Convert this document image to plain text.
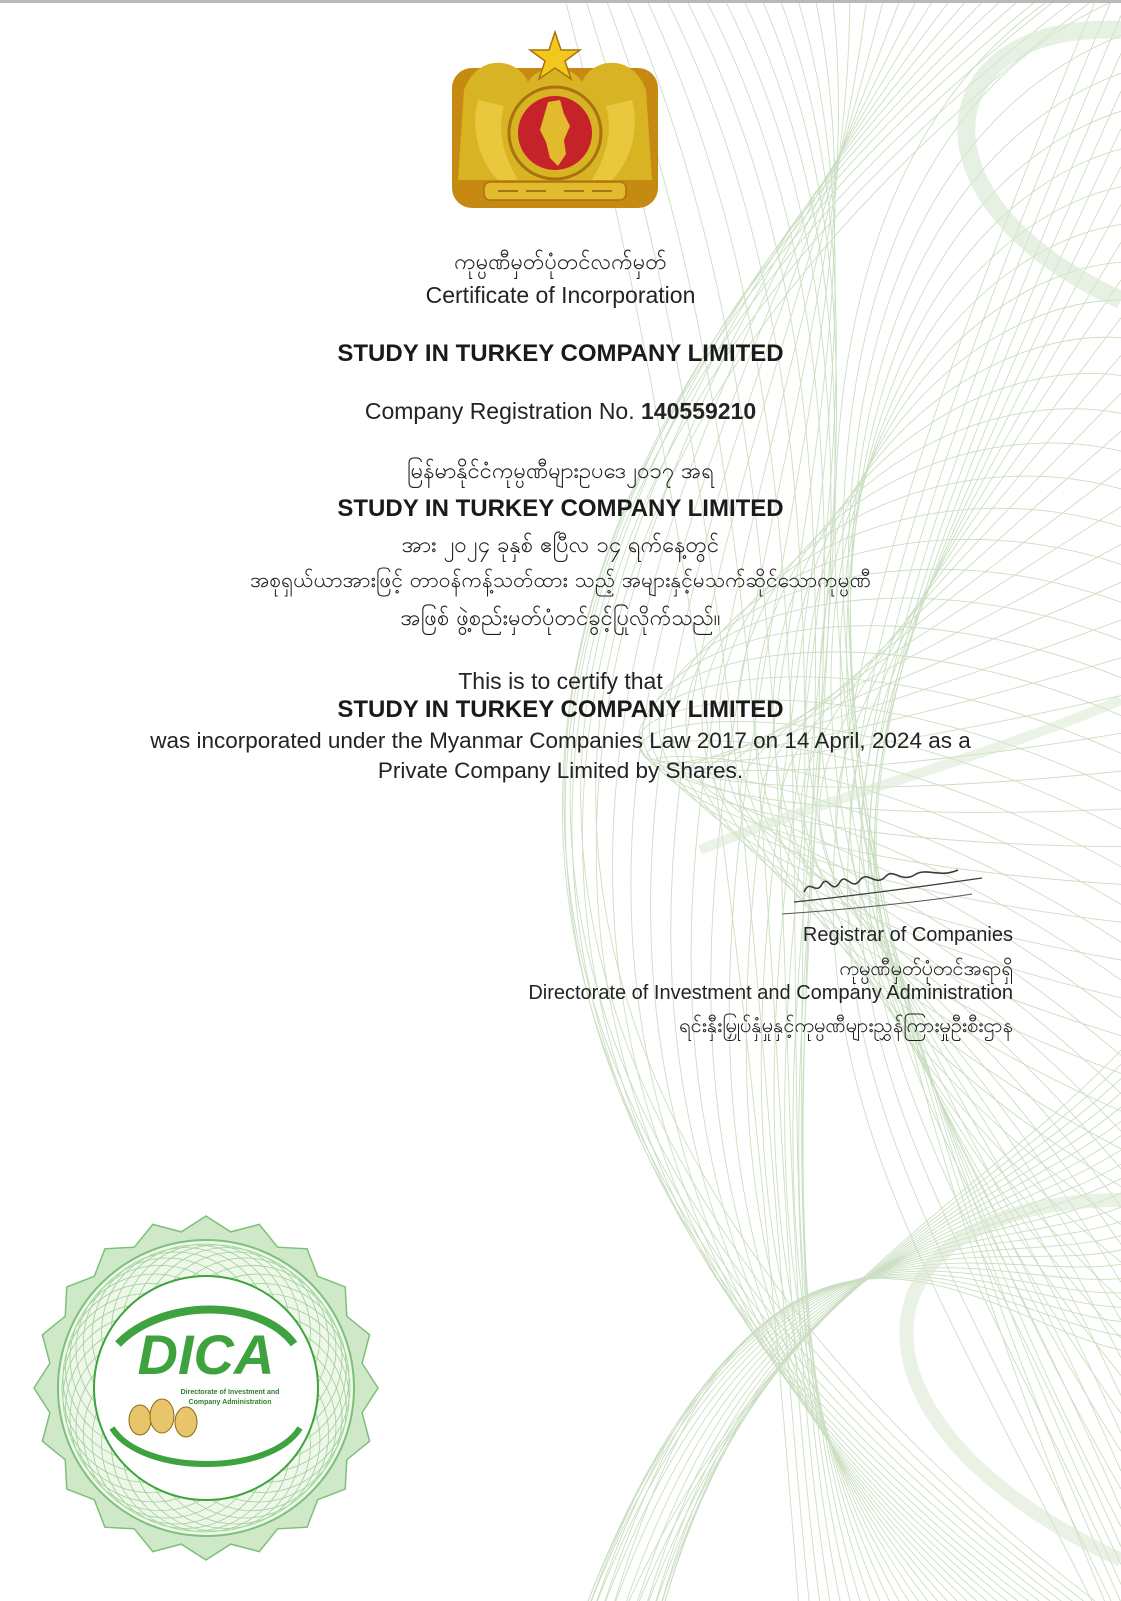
ကုမ္ပဏီမှတ်ပုံတင်လက်မှတ်
Certificate of Incorporation
STUDY IN TURKEY COMPANY LIMITED
Company Registration No. 140559210
မြန်မာနိုင်ငံကုမ္ပဏီများဥပဒေ၂၀၁၇ အရ
STUDY IN TURKEY COMPANY LIMITED
အား ၂၀၂၄ ခုနှစ် ဧပြီလ ၁၄ ရက်နေ့တွင်
အစုရှယ်ယာအားဖြင့် တာဝန်ကန့်သတ်ထား သည့် အများနှင့်မသက်ဆိုင်သောကုမ္ပဏီ
အဖြစ် ဖွဲ့စည်းမှတ်ပုံတင်ခွင့်ပြုလိုက်သည်။
This is to certify that
STUDY IN TURKEY COMPANY LIMITED
was incorporated under the Myanmar Companies Law 2017 on 14 April, 2024 as a
Private Company Limited by Shares.
Registrar of Companies
ကုမ္ပဏီမှတ်ပုံတင်အရာရှိ
Directorate of Investment and Company Administration
ရင်းနှီးမြှုပ်နှံမှုနှင့်ကုမ္ပဏီများညွှန်ကြားမှုဦးစီးဌာန
DICA
Directorate of Investment and
Company Administration
